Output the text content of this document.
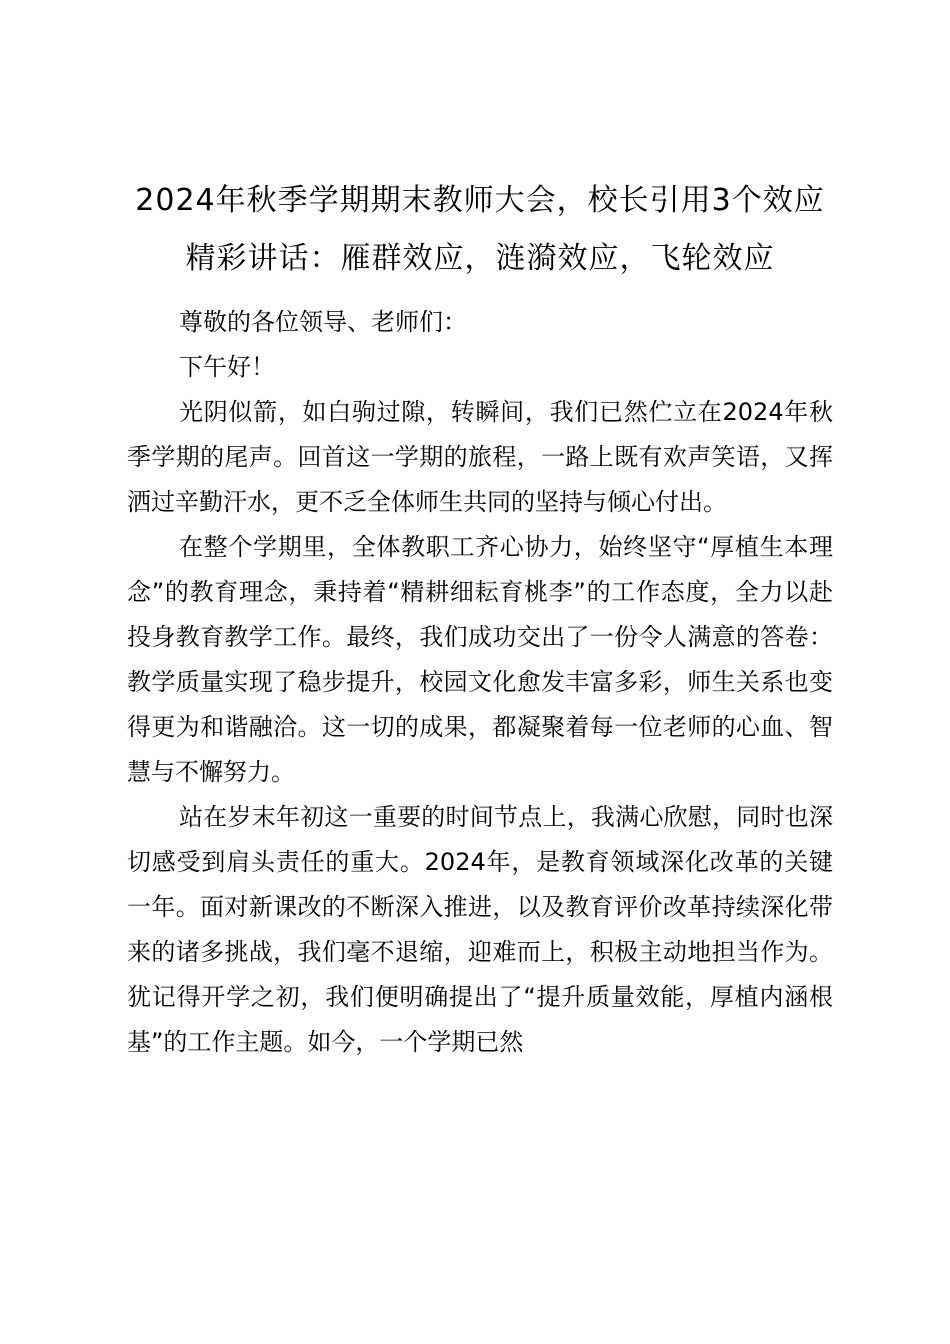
2024年秋季学期期末教师大会，校长引用3个效应精彩讲话：雁群效应，涟漪效应，飞轮效应

尊敬的各位领导、老师们：

下午好！

光阴似箭，如白驹过隙，转瞬间，我们已然伫立在2024年秋季学期的尾声。回首这一学期的旅程，一路上既有欢声笑语，又挥洒过辛勤汗水，更不乏全体师生共同的坚持与倾心付出。

在整个学期里，全体教职工齐心协力，始终坚守“厚植生本理念”的教育理念，秉持着“精耕细耘育桃李”的工作态度，全力以赴投身教育教学工作。最终，我们成功交出了一份令人满意的答卷：教学质量实现了稳步提升，校园文化愈发丰富多彩，师生关系也变得更为和谐融洽。这一切的成果，都凝聚着每一位老师的心血、智慧与不懈努力。

站在岁末年初这一重要的时间节点上，我满心欣慰，同时也深切感受到肩头责任的重大。2024年，是教育领域深化改革的关键一年。面对新课改的不断深入推进，以及教育评价改革持续深化带来的诸多挑战，我们毫不退缩，迎难而上，积极主动地担当作为。犹记得开学之初，我们便明确提出了“提升质量效能，厚植内涵根基”的工作主题。如今，一个学期已然
